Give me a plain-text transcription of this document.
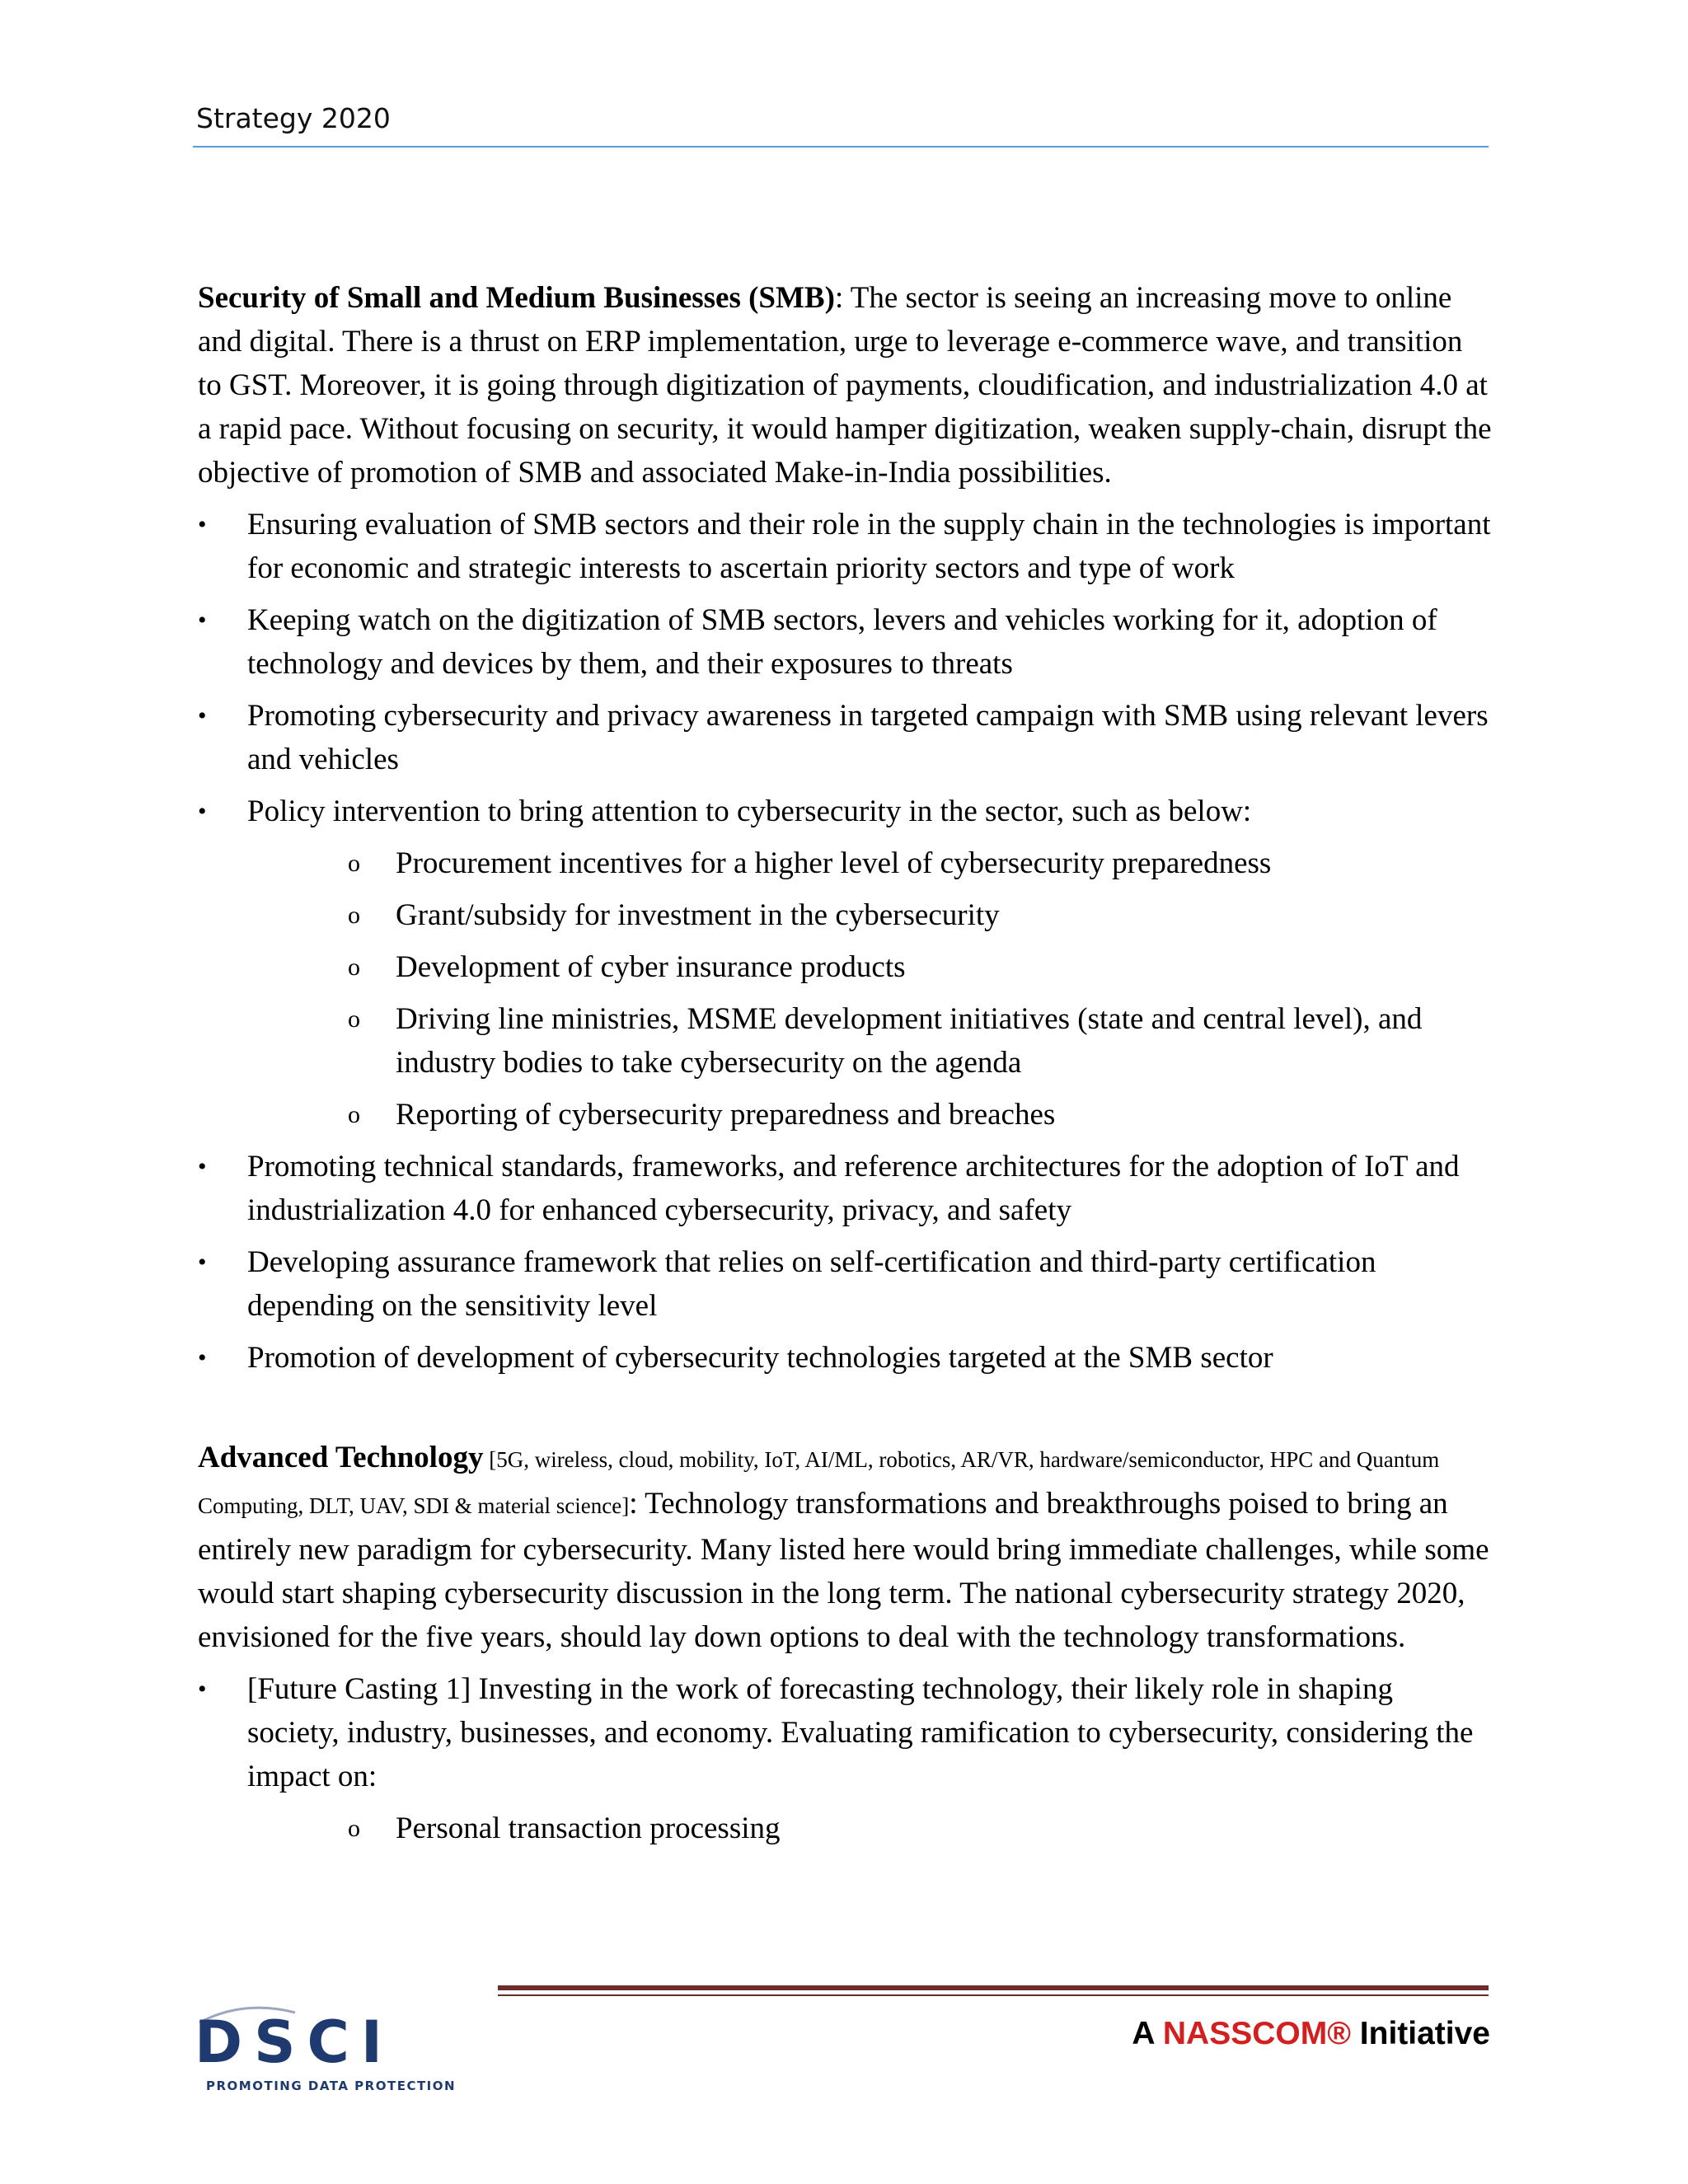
Strategy 2020

Security of Small and Medium Businesses (SMB): The sector is seeing an increasing move to online and digital. There is a thrust on ERP implementation, urge to leverage e-commerce wave, and transition to GST. Moreover, it is going through digitization of payments, cloudification, and industrialization 4.0 at a rapid pace. Without focusing on security, it would hamper digitization, weaken supply-chain, disrupt the objective of promotion of SMB and associated Make-in-India possibilities.

• Ensuring evaluation of SMB sectors and their role in the supply chain in the technologies is important for economic and strategic interests to ascertain priority sectors and type of work
• Keeping watch on the digitization of SMB sectors, levers and vehicles working for it, adoption of technology and devices by them, and their exposures to threats
• Promoting cybersecurity and privacy awareness in targeted campaign with SMB using relevant levers and vehicles
• Policy intervention to bring attention to cybersecurity in the sector, such as below:
o Procurement incentives for a higher level of cybersecurity preparedness
o Grant/subsidy for investment in the cybersecurity
o Development of cyber insurance products
o Driving line ministries, MSME development initiatives (state and central level), and industry bodies to take cybersecurity on the agenda
o Reporting of cybersecurity preparedness and breaches
• Promoting technical standards, frameworks, and reference architectures for the adoption of IoT and industrialization 4.0 for enhanced cybersecurity, privacy, and safety
• Developing assurance framework that relies on self-certification and third-party certification depending on the sensitivity level
• Promotion of development of cybersecurity technologies targeted at the SMB sector

Advanced Technology [5G, wireless, cloud, mobility, IoT, AI/ML, robotics, AR/VR, hardware/semiconductor, HPC and Quantum Computing, DLT, UAV, SDI & material science]: Technology transformations and breakthroughs poised to bring an entirely new paradigm for cybersecurity. Many listed here would bring immediate challenges, while some would start shaping cybersecurity discussion in the long term. The national cybersecurity strategy 2020, envisioned for the five years, should lay down options to deal with the technology transformations.

• [Future Casting 1] Investing in the work of forecasting technology, their likely role in shaping society, industry, businesses, and economy. Evaluating ramification to cybersecurity, considering the impact on:
o Personal transaction processing
DSCI
PROMOTING DATA PROTECTION
A NASSCOM® Initiative
